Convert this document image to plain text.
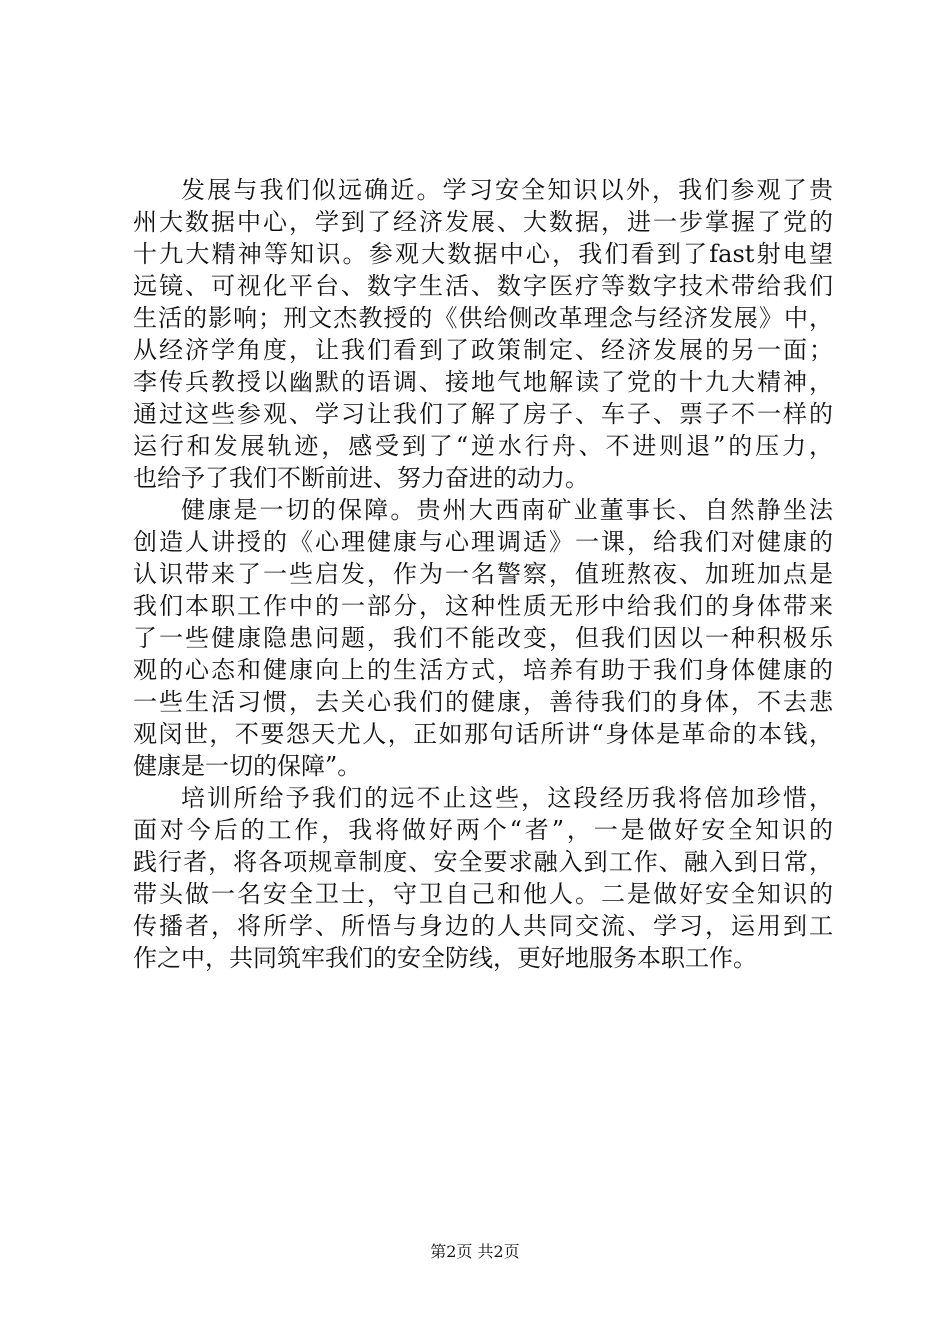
发展与我们似远确近。学习安全知识以外，我们参观了贵
州大数据中心，学到了经济发展、大数据，进一步掌握了党的
十九大精神等知识。参观大数据中心，我们看到了fast射电望
远镜、可视化平台、数字生活、数字医疗等数字技术带给我们
生活的影响；刑文杰教授的《供给侧改革理念与经济发展》中，
从经济学角度，让我们看到了政策制定、经济发展的另一面；
李传兵教授以幽默的语调、接地气地解读了党的十九大精神，
通过这些参观、学习让我们了解了房子、车子、票子不一样的
运行和发展轨迹，感受到了“逆水行舟、不进则退”的压力，
也给予了我们不断前进、努力奋进的动力。
健康是一切的保障。贵州大西南矿业董事长、自然静坐法
创造人讲授的《心理健康与心理调适》一课，给我们对健康的
认识带来了一些启发，作为一名警察，值班熬夜、加班加点是
我们本职工作中的一部分，这种性质无形中给我们的身体带来
了一些健康隐患问题，我们不能改变，但我们因以一种积极乐
观的心态和健康向上的生活方式，培养有助于我们身体健康的
一些生活习惯，去关心我们的健康，善待我们的身体，不去悲
观闵世，不要怨天尤人，正如那句话所讲“身体是革命的本钱，
健康是一切的保障”。
培训所给予我们的远不止这些，这段经历我将倍加珍惜，
面对今后的工作，我将做好两个“者”，一是做好安全知识的
践行者，将各项规章制度、安全要求融入到工作、融入到日常，
带头做一名安全卫士，守卫自己和他人。二是做好安全知识的
传播者，将所学、所悟与身边的人共同交流、学习，运用到工
作之中，共同筑牢我们的安全防线，更好地服务本职工作。
第2页 共2页
